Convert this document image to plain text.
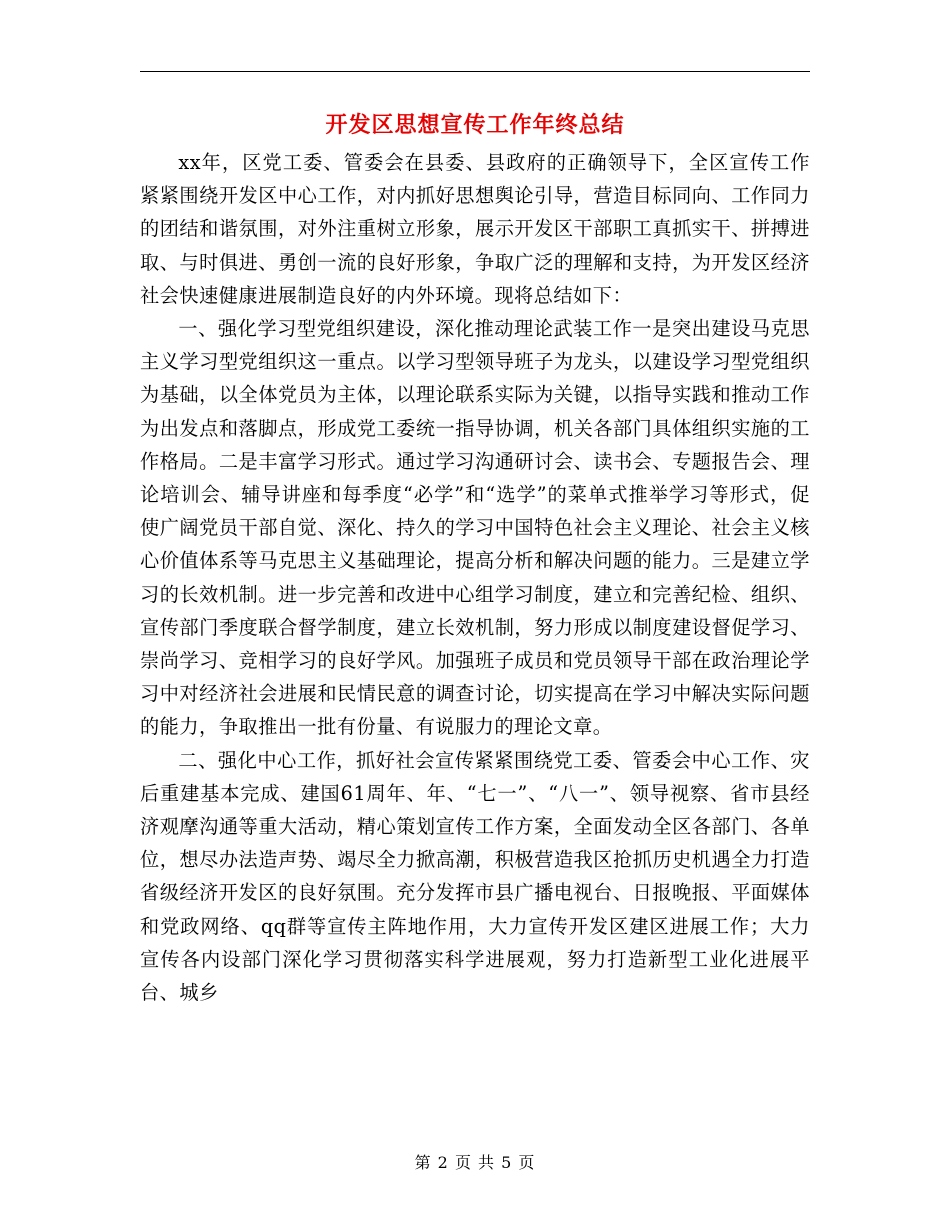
开发区思想宣传工作年终总结

xx年，区党工委、管委会在县委、县政府的正确领导下，全区宣传工作紧紧围绕开发区中心工作，对内抓好思想舆论引导，营造目标同向、工作同力的团结和谐氛围，对外注重树立形象，展示开发区干部职工真抓实干、拼搏进取、与时俱进、勇创一流的良好形象，争取广泛的理解和支持，为开发区经济社会快速健康进展制造良好的内外环境。现将总结如下：

一、强化学习型党组织建设，深化推动理论武装工作一是突出建设马克思主义学习型党组织这一重点。以学习型领导班子为龙头，以建设学习型党组织为基础，以全体党员为主体，以理论联系实际为关键，以指导实践和推动工作为出发点和落脚点，形成党工委统一指导协调，机关各部门具体组织实施的工作格局。二是丰富学习形式。通过学习沟通研讨会、读书会、专题报告会、理论培训会、辅导讲座和每季度“必学”和“选学”的菜单式推举学习等形式，促使广阔党员干部自觉、深化、持久的学习中国特色社会主义理论、社会主义核心价值体系等马克思主义基础理论，提高分析和解决问题的能力。三是建立学习的长效机制。进一步完善和改进中心组学习制度，建立和完善纪检、组织、宣传部门季度联合督学制度，建立长效机制，努力形成以制度建设督促学习、崇尚学习、竞相学习的良好学风。加强班子成员和党员领导干部在政治理论学习中对经济社会进展和民情民意的调查讨论，切实提高在学习中解决实际问题的能力，争取推出一批有份量、有说服力的理论文章。

二、强化中心工作，抓好社会宣传紧紧围绕党工委、管委会中心工作、灾后重建基本完成、建国61周年、年、“七一”、“八一”、领导视察、省市县经济观摩沟通等重大活动，精心策划宣传工作方案，全面发动全区各部门、各单位，想尽办法造声势、竭尽全力掀高潮，积极营造我区抢抓历史机遇全力打造省级经济开发区的良好氛围。充分发挥市县广播电视台、日报晚报、平面媒体和党政网络、qq群等宣传主阵地作用，大力宣传开发区建区进展工作；大力宣传各内设部门深化学习贯彻落实科学进展观，努力打造新型工业化进展平台、城乡

第 2 页 共 5 页
